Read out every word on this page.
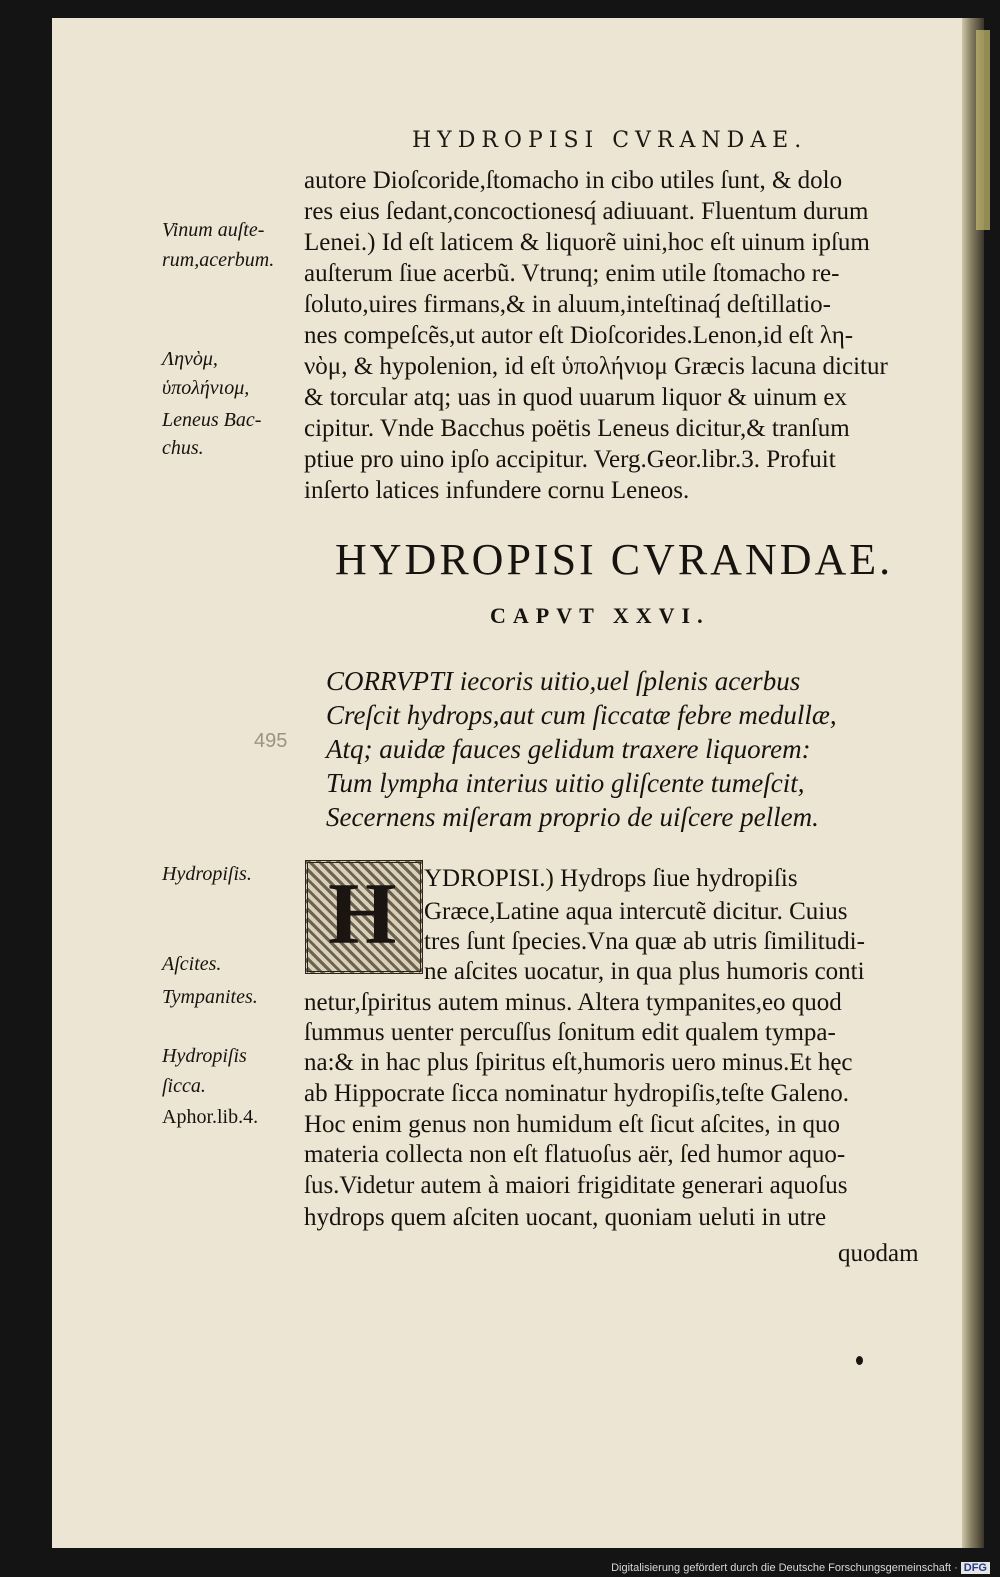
HYDROPISI CVRANDAE.
autore Dioſcoride,ſtomacho in cibo utiles ſunt, & dolo
res eius ſedant,concoctionesq́ adiuuant. Fluentum durum
Lenei.) Id eſt laticem & liquorẽ uini,hoc eſt uinum ipſum
auſterum ſiue acerbũ. Vtrunq; enim utile ſtomacho re-
ſoluto,uires firmans,& in aluum,inteſtinaq́ deſtillatio-
nes compeſcẽs,ut autor eſt Dioſcorides.Lenon,id eſt λη-
νὸμ, & hypolenion, id eſt ὑπολήνιομ Græcis lacuna dicitur
& torcular atq; uas in quod uuarum liquor & uinum ex
cipitur. Vnde Bacchus poëtis Leneus dicitur,& tranſum
ptiue pro uino ipſo accipitur. Verg.Geor.libr.3. Profuit
inſerto latices infundere cornu Leneos.
Vinum auſte-
rum,acerbum.
Ληνὸμ,
ὑπολήνιομ,
Leneus Bac-
chus.
HYDROPISI CVRANDAE.
CAPVT XXVI.
CORRVPTI iecoris uitio,uel ſplenis acerbus
Creſcit hydrops,aut cum ſiccatæ febre medullæ,
Atq; auidæ fauces gelidum traxere liquorem:
Tum lympha interius uitio gliſcente tumeſcit,
Secernens miſeram proprio de uiſcere pellem.
495
H YDROPISI.) Hydrops ſiue hydropiſis
Græce,Latine aqua intercutẽ dicitur. Cuius
tres ſunt ſpecies.Vna quæ ab utris ſimilitudi-
ne aſcites uocatur, in qua plus humoris conti
netur,ſpiritus autem minus. Altera tympanites,eo quod
ſummus uenter percuſſus ſonitum edit qualem tympa-
na:& in hac plus ſpiritus eſt,humoris uero minus.Et hęc
ab Hippocrate ſicca nominatur hydropiſis,teſte Galeno.
Hoc enim genus non humidum eſt ſicut aſcites, in quo
materia collecta non eſt flatuoſus aër, ſed humor aquo-
ſus.Videtur autem à maiori frigiditate generari aquoſus
hydrops quem aſciten uocant, quoniam ueluti in utre
Hydropiſis.
Aſcites.
Tympanites.
Hydropiſis
ſicca.
Aphor.lib.4.
quodam
Digitalisierung gefördert durch die Deutsche Forschungsgemeinschaft · DFG
